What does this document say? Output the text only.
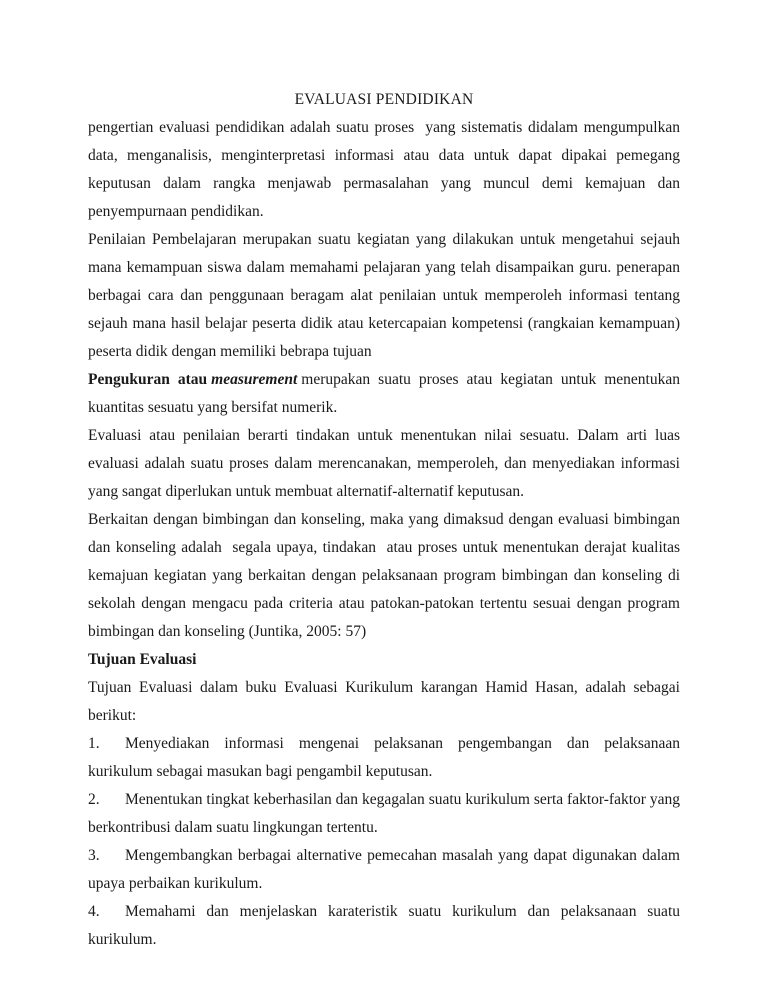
EVALUASI PENDIDIKAN

pengertian evaluasi pendidikan adalah suatu proses  yang sistematis didalam mengumpulkan data, menganalisis, menginterpretasi informasi atau data untuk dapat dipakai pemegang keputusan dalam rangka menjawab permasalahan yang muncul demi kemajuan dan penyempurnaan pendidikan.

Penilaian Pembelajaran merupakan suatu kegiatan yang dilakukan untuk mengetahui sejauh mana kemampuan siswa dalam memahami pelajaran yang telah disampaikan guru. penerapan berbagai cara dan penggunaan beragam alat penilaian untuk memperoleh informasi tentang sejauh mana hasil belajar peserta didik atau ketercapaian kompetensi (rangkaian kemampuan) peserta didik dengan memiliki bebrapa tujuan

Pengukuran  atau measurement merupakan  suatu  proses  atau  kegiatan  untuk  menentukan kuantitas sesuatu yang bersifat numerik.

Evaluasi atau penilaian berarti tindakan untuk menentukan nilai sesuatu. Dalam arti luas evaluasi adalah suatu proses dalam merencanakan, memperoleh, dan menyediakan informasi yang sangat diperlukan untuk membuat alternatif-alternatif keputusan.

Berkaitan dengan bimbingan dan konseling, maka yang dimaksud dengan evaluasi bimbingan dan konseling adalah  segala upaya, tindakan  atau proses untuk menentukan derajat kualitas  kemajuan kegiatan yang berkaitan dengan pelaksanaan program bimbingan dan konseling di sekolah dengan mengacu pada criteria atau patokan-patokan tertentu sesuai dengan program bimbingan dan konseling (Juntika, 2005: 57)

Tujuan Evaluasi

Tujuan Evaluasi dalam buku Evaluasi Kurikulum karangan Hamid Hasan, adalah sebagai berikut:

1. Menyediakan informasi mengenai pelaksanan pengembangan dan pelaksanaan kurikulum sebagai masukan bagi pengambil keputusan.
2. Menentukan tingkat keberhasilan dan kegagalan suatu kurikulum serta faktor-faktor yang berkontribusi dalam suatu lingkungan tertentu.
3. Mengembangkan berbagai alternative pemecahan masalah yang dapat digunakan dalam upaya perbaikan kurikulum.
4. Memahami dan menjelaskan karateristik suatu kurikulum dan pelaksanaan suatu kurikulum.
